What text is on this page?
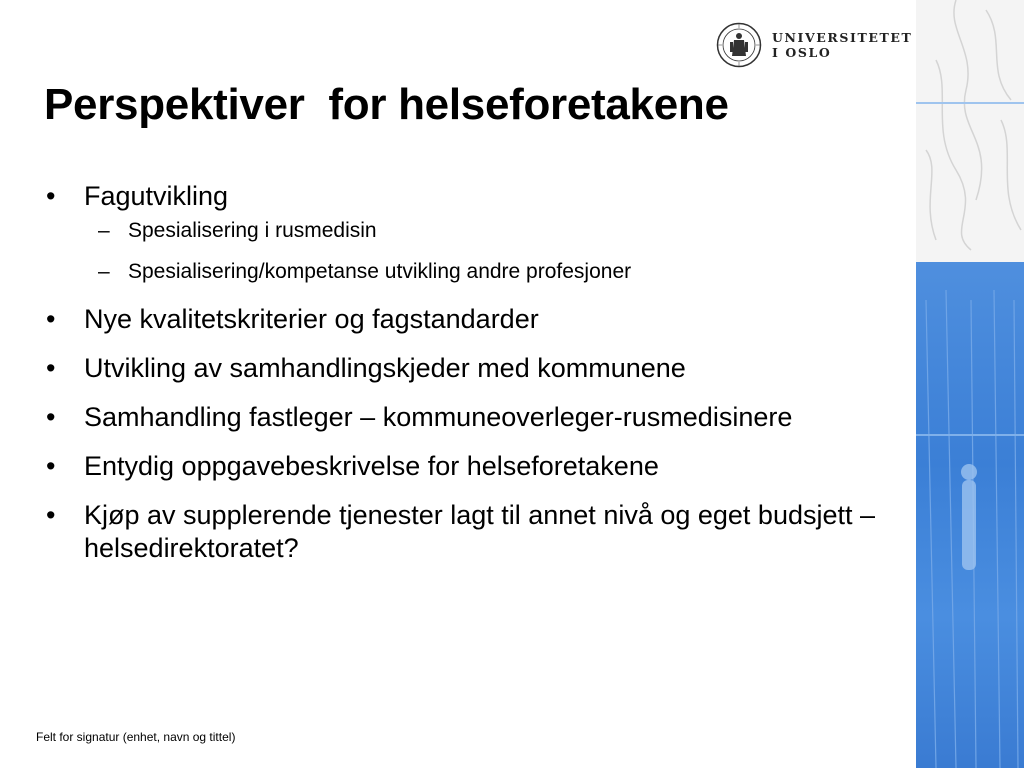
UNIVERSITETET
I OSLO
Perspektiver  for helseforetakene
• Fagutvikling
– Spesialisering i rusmedisin
– Spesialisering/kompetanse utvikling andre profesjoner
• Nye kvalitetskriterier og fagstandarder
• Utvikling av samhandlingskjeder med kommunene
• Samhandling fastleger – kommuneoverleger-rusmedisinere
• Entydig oppgavebeskrivelse for helseforetakene
• Kjøp av supplerende tjenester lagt til annet nivå og eget budsjett –  helsedirektoratet?
Felt for signatur (enhet, navn og tittel)
